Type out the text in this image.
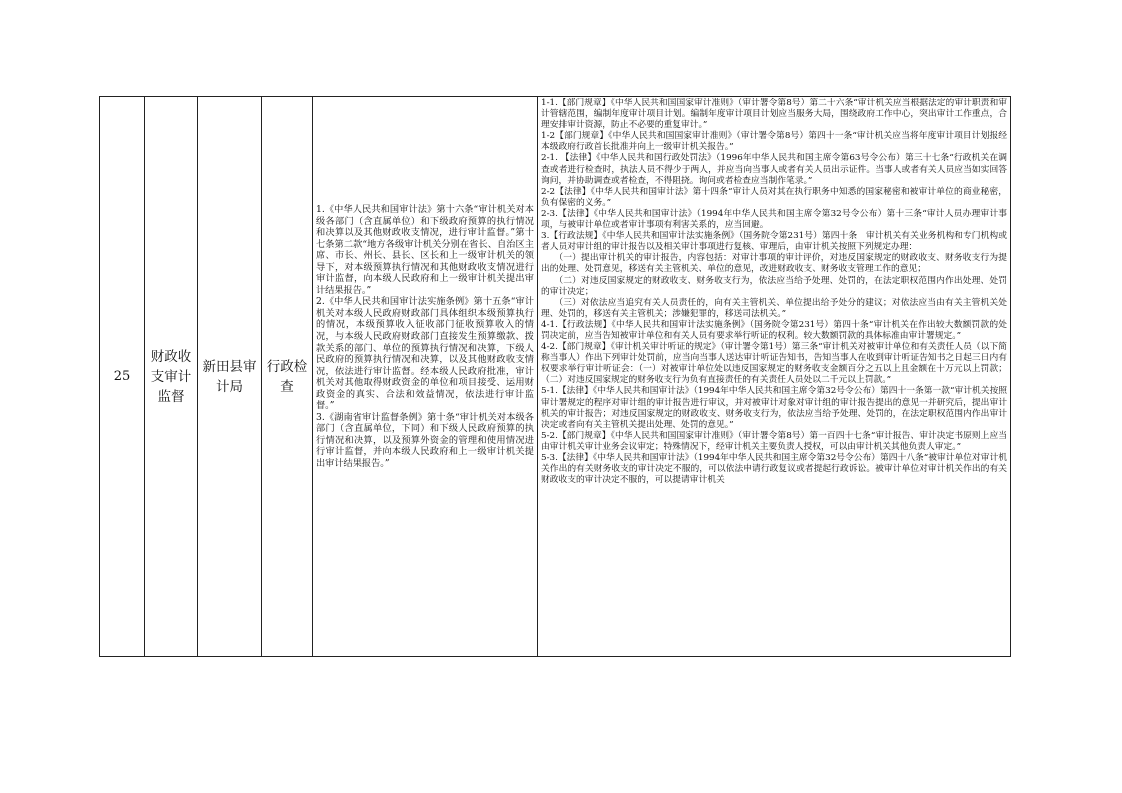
25
财政收支审计监督
新田县审计局
行政检查

1.《中华人民共和国审计法》第十六条“审计机关对本级各部门（含直属单位）和下级政府预算的执行情况和决算以及其他财政收支情况，进行审计监督。”第十七条第二款“地方各级审计机关分别在省长、自治区主席、市长、州长、县长、区长和上一级审计机关的领导下，对本级预算执行情况和其他财政收支情况进行审计监督，向本级人民政府和上一级审计机关提出审计结果报告。”

2.《中华人民共和国审计法实施条例》第十五条“审计机关对本级人民政府财政部门具体组织本级预算执行的情况，本级预算收入征收部门征收预算收入的情况，与本级人民政府财政部门直接发生预算缴款、拨款关系的部门、单位的预算执行情况和决算，下级人民政府的预算执行情况和决算，以及其他财政收支情况，依法进行审计监督。经本级人民政府批准，审计机关对其他取得财政资金的单位和项目接受、运用财政资金的真实、合法和效益情况，依法进行审计监督。”

3.《湖南省审计监督条例》第十条“审计机关对本级各部门（含直属单位，下同）和下级人民政府预算的执行情况和决算，以及预算外资金的管理和使用情况进行审计监督，并向本级人民政府和上一级审计机关提出审计结果报告。”

1-1.【部门规章】《中华人民共和国国家审计准则》（审计署令第8号）第二十六条“审计机关应当根据法定的审计职责和审计管辖范围，编制年度审计项目计划。编制年度审计项目计划应当服务大局，围绕政府工作中心，突出审计工作重点，合理安排审计资源，防止不必要的重复审计。”

1-2【部门规章】《中华人民共和国国家审计准则》（审计署令第8号）第四十一条“审计机关应当将年度审计项目计划报经本级政府行政首长批准并向上一级审计机关报告。”

2-1. 【法律】《中华人民共和国行政处罚法》（1996年中华人民共和国主席令第63号令公布）第三十七条“行政机关在调查或者进行检查时，执法人员不得少于两人，并应当向当事人或者有关人员出示证件。当事人或者有关人员应当如实回答询问，并协助调查或者检查，不得阻挠。询问或者检查应当制作笔录。”

2-2【法律】《中华人民共和国审计法》第十四条“审计人员对其在执行职务中知悉的国家秘密和被审计单位的商业秘密，负有保密的义务。”

2-3.【法律】《中华人民共和国审计法》（1994年中华人民共和国主席令第32号令公布）第十三条“审计人员办理审计事项，与被审计单位或者审计事项有利害关系的，应当回避。

3.【行政法规】《中华人民共和国审计法实施条例》（国务院令第231号）第四十条　审计机关有关业务机构和专门机构或者人员对审计组的审计报告以及相关审计事项进行复核、审理后，由审计机关按照下列规定办理：

　　（一）提出审计机关的审计报告，内容包括：对审计事项的审计评价，对违反国家规定的财政收支、财务收支行为提出的处理、处罚意见，移送有关主管机关、单位的意见，改进财政收支、财务收支管理工作的意见；

　　（二）对违反国家规定的财政收支、财务收支行为，依法应当给予处理、处罚的，在法定职权范围内作出处理、处罚的审计决定；

　　（三）对依法应当追究有关人员责任的，向有关主管机关、单位提出给予处分的建议；对依法应当由有关主管机关处理、处罚的，移送有关主管机关；涉嫌犯罪的，移送司法机关。”

4-1.【行政法规】《中华人民共和国审计法实施条例》（国务院令第231号）第四十条“审计机关在作出较大数额罚款的处罚决定前，应当告知被审计单位和有关人员有要求举行听证的权利。较大数额罚款的具体标准由审计署规定。”

4-2.【部门规章】《审计机关审计听证的规定》（审计署令第1号）第三条“审计机关对被审计单位和有关责任人员（以下简称当事人）作出下列审计处罚前，应当向当事人送达审计听证告知书，告知当事人在收到审计听证告知书之日起三日内有权要求举行审计听证会：（一）对被审计单位处以违反国家规定的财务收支金额百分之五以上且金额在十万元以上罚款；（二）对违反国家规定的财务收支行为负有直接责任的有关责任人员处以二千元以上罚款。”

5-1.【法律】《中华人民共和国审计法》（1994年中华人民共和国主席令第32号令公布）第四十一条第一款“审计机关按照审计署规定的程序对审计组的审计报告进行审议，并对被审计对象对审计组的审计报告提出的意见一并研究后，提出审计机关的审计报告；对违反国家规定的财政收支、财务收支行为，依法应当给予处理、处罚的，在法定职权范围内作出审计决定或者向有关主管机关提出处理、处罚的意见。”

5-2.【部门规章】《中华人民共和国国家审计准则》（审计署令第8号）第一百四十七条“审计报告、审计决定书原则上应当由审计机关审计业务会议审定；特殊情况下，经审计机关主要负责人授权，可以由审计机关其他负责人审定。”

5-3.【法律】《中华人民共和国审计法》（1994年中华人民共和国主席令第32号令公布）第四十八条“被审计单位对审计机关作出的有关财务收支的审计决定不服的，可以依法申请行政复议或者提起行政诉讼。被审计单位对审计机关作出的有关财政收支的审计决定不服的，可以提请审计机关
